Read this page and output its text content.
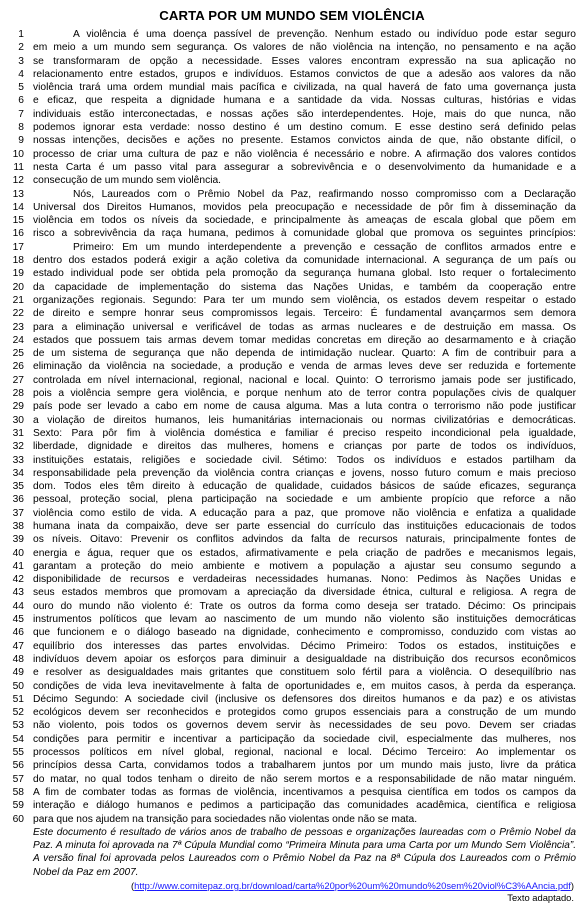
CARTA POR UM MUNDO SEM VIOLÊNCIA
1	A violência é uma doença passível de prevenção. Nenhum estado ou indivíduo pode estar seguro
2 em meio a um mundo sem segurança. Os valores de não violência na intenção, no pensamento e na ação
3 se transformaram de opção a necessidade. Esses valores encontram expressão na sua aplicação no
4 relacionamento entre estados, grupos e indivíduos. Estamos convictos de que a adesão aos valores da não
5 violência trará uma ordem mundial mais pacífica e civilizada, na qual haverá de fato uma governança justa
6 e eficaz, que respeita a dignidade humana e a santidade da vida. Nossas culturas, histórias e vidas
7 individuais estão interconectadas, e nossas ações são interdependentes. Hoje, mais do que nunca, não
8 podemos ignorar esta verdade: nosso destino é um destino comum. E esse destino será definido pelas
9 nossas intenções, decisões e ações no presente. Estamos convictos ainda de que, não obstante difícil, o
10 processo de criar uma cultura de paz e não violência é necessário e nobre. A afirmação dos valores contidos
11 nesta Carta é um passo vital para assegurar a sobrevivência e o desenvolvimento da humanidade e a
12 consecução de um mundo sem violência.
13	Nós, Laureados com o Prêmio Nobel da Paz, reafirmando nosso compromisso com a Declaração
14 Universal dos Direitos Humanos, movidos pela preocupação e necessidade de pôr fim à disseminação da
15 violência em todos os níveis da sociedade, e principalmente às ameaças de escala global que põem em
16 risco a sobrevivência da raça humana, pedimos à comunidade global que promova os seguintes princípios:
17	Primeiro: Em um mundo interdependente a prevenção e cessação de conflitos armados entre e
18 dentro dos estados poderá exigir a ação coletiva da comunidade internacional. A segurança de um país ou
19 estado individual pode ser obtida pela promoção da segurança humana global. Isto requer o fortalecimento
20 da capacidade de implementação do sistema das Nações Unidas, e também da cooperação entre
21 organizações regionais. Segundo: Para ter um mundo sem violência, os estados devem respeitar o estado
22 de direito e sempre honrar seus compromissos legais. Terceiro: É fundamental avançarmos sem demora
23 para a eliminação universal e verificável de todas as armas nucleares e de destruição em massa. Os
24 estados que possuem tais armas devem tomar medidas concretas em direção ao desarmamento e à criação
25 de um sistema de segurança que não dependa de intimidação nuclear. Quarto: A fim de contribuir para a
26 eliminação da violência na sociedade, a produção e venda de armas leves deve ser reduzida e fortemente
27 controlada em nível internacional, regional, nacional e local. Quinto: O terrorismo jamais pode ser justificado,
28 pois a violência sempre gera violência, e porque nenhum ato de terror contra populações civis de qualquer
29 país pode ser levado a cabo em nome de causa alguma. Mas a luta contra o terrorismo não pode justificar
30 a violação de direitos humanos, leis humanitárias internacionais ou normas civilizatórias e democráticas.
31 Sexto: Para pôr fim à violência doméstica e familiar é preciso respeito incondicional pela igualdade,
32 liberdade, dignidade e direitos das mulheres, homens e crianças por parte de todos os indivíduos,
33 instituições estatais, religiões e sociedade civil. Sétimo: Todos os indivíduos e estados partilham da
34 responsabilidade pela prevenção da violência contra crianças e jovens, nosso futuro comum e mais precioso
35 dom. Todos eles têm direito à educação de qualidade, cuidados básicos de saúde eficazes, segurança
36 pessoal, proteção social, plena participação na sociedade e um ambiente propício que reforce a não
37 violência como estilo de vida. A educação para a paz, que promove não violência e enfatiza a qualidade
38 humana inata da compaixão, deve ser parte essencial do currículo das instituições educacionais de todos
39 os níveis. Oitavo: Prevenir os conflitos advindos da falta de recursos naturais, principalmente fontes de
40 energia e água, requer que os estados, afirmativamente e pela criação de padrões e mecanismos legais,
41 garantam a proteção do meio ambiente e motivem a população a ajustar seu consumo segundo a
42 disponibilidade de recursos e verdadeiras necessidades humanas. Nono: Pedimos às Nações Unidas e
43 seus estados membros que promovam a apreciação da diversidade étnica, cultural e religiosa. A regra de
44 ouro do mundo não violento é: Trate os outros da forma como deseja ser tratado. Décimo: Os principais
45 instrumentos políticos que levam ao nascimento de um mundo não violento são instituições democráticas
46 que funcionem e o diálogo baseado na dignidade, conhecimento e compromisso, conduzido com vistas ao
47 equilíbrio dos interesses das partes envolvidas. Décimo Primeiro: Todos os estados, instituições e
48 indivíduos devem apoiar os esforços para diminuir a desigualdade na distribuição dos recursos econômicos
49 e resolver as desigualdades mais gritantes que constituem solo fértil para a violência. O desequilíbrio nas
50 condições de vida leva inevitavelmente à falta de oportunidades e, em muitos casos, à perda da esperança.
51 Décimo Segundo: A sociedade civil (inclusive os defensores dos direitos humanos e da paz) e os ativistas
52 ecológicos devem ser reconhecidos e protegidos como grupos essenciais para a construção de um mundo
53 não violento, pois todos os governos devem servir às necessidades de seu povo. Devem ser criadas
54 condições para permitir e incentivar a participação da sociedade civil, especialmente das mulheres, nos
55 processos políticos em nível global, regional, nacional e local. Décimo Terceiro: Ao implementar os
56 princípios dessa Carta, convidamos todos a trabalharem juntos por um mundo mais justo, livre da prática
57 do matar, no qual todos tenham o direito de não serem mortos e a responsabilidade de não matar ninguém.
58 A fim de combater todas as formas de violência, incentivamos a pesquisa científica em todos os campos da
59 interação e diálogo humanos e pedimos a participação das comunidades acadêmica, científica e religiosa
60 para que nos ajudem na transição para sociedades não violentas onde não se mata.
Este documento é resultado de vários anos de trabalho de pessoas e organizações laureadas com o Prêmio Nobel da Paz. A minuta foi aprovada na 7ª Cúpula Mundial como “Primeira Minuta para uma Carta por um Mundo Sem Violência”. A versão final foi aprovada pelos Laureados com o Prêmio Nobel da Paz na 8ª Cúpula dos Laureados com o Prêmio Nobel da Paz em 2007.
(http://www.comitepaz.org.br/download/carta%20por%20um%20mundo%20sem%20viol%C3%AAncia.pdf)
Texto adaptado.
